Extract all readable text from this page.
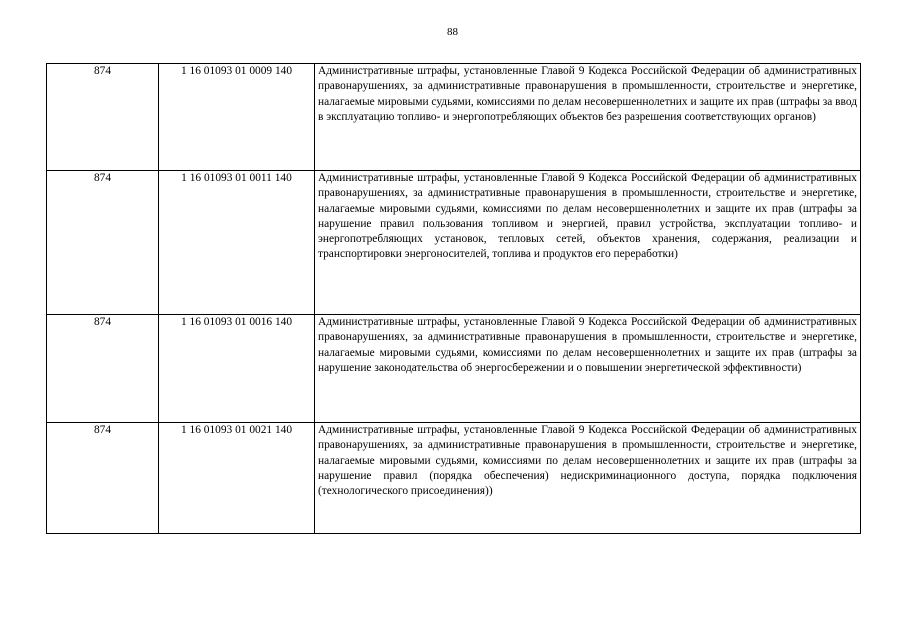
88
874	1 16 01093 01 0009 140	Административные штрафы, установленные Главой 9 Кодекса Российской Федерации об административных правонарушениях, за административные правонарушения в промышленности, строительстве и энергетике, налагаемые мировыми судьями, комиссиями по делам несовершеннолетних и защите их прав (штрафы за ввод в эксплуатацию топливо- и энергопотребляющих объектов без разрешения соответствующих органов)
874	1 16 01093 01 0011 140	Административные штрафы, установленные Главой 9 Кодекса Российской Федерации об административных правонарушениях, за административные правонарушения в промышленности, строительстве и энергетике, налагаемые мировыми судьями, комиссиями по делам несовершеннолетних и защите их прав (штрафы за нарушение правил пользования топливом и энергией, правил устройства, эксплуатации топливо- и энергопотребляющих установок, тепловых сетей, объектов хранения, содержания, реализации и транспортировки энергоносителей, топлива и продуктов его переработки)
874	1 16 01093 01 0016 140	Административные штрафы, установленные Главой 9 Кодекса Российской Федерации об административных правонарушениях, за административные правонарушения в промышленности, строительстве и энергетике, налагаемые мировыми судьями, комиссиями по делам несовершеннолетних и защите их прав (штрафы за нарушение законодательства об энергосбережении и о повышении энергетической эффективности)
874	1 16 01093 01 0021 140	Административные штрафы, установленные Главой 9 Кодекса Российской Федерации об административных правонарушениях, за административные правонарушения в промышленности, строительстве и энергетике, налагаемые мировыми судьями, комиссиями по делам несовершеннолетних и защите их прав (штрафы за нарушение правил (порядка обеспечения) недискриминационного доступа, порядка подключения (технологического присоединения))
